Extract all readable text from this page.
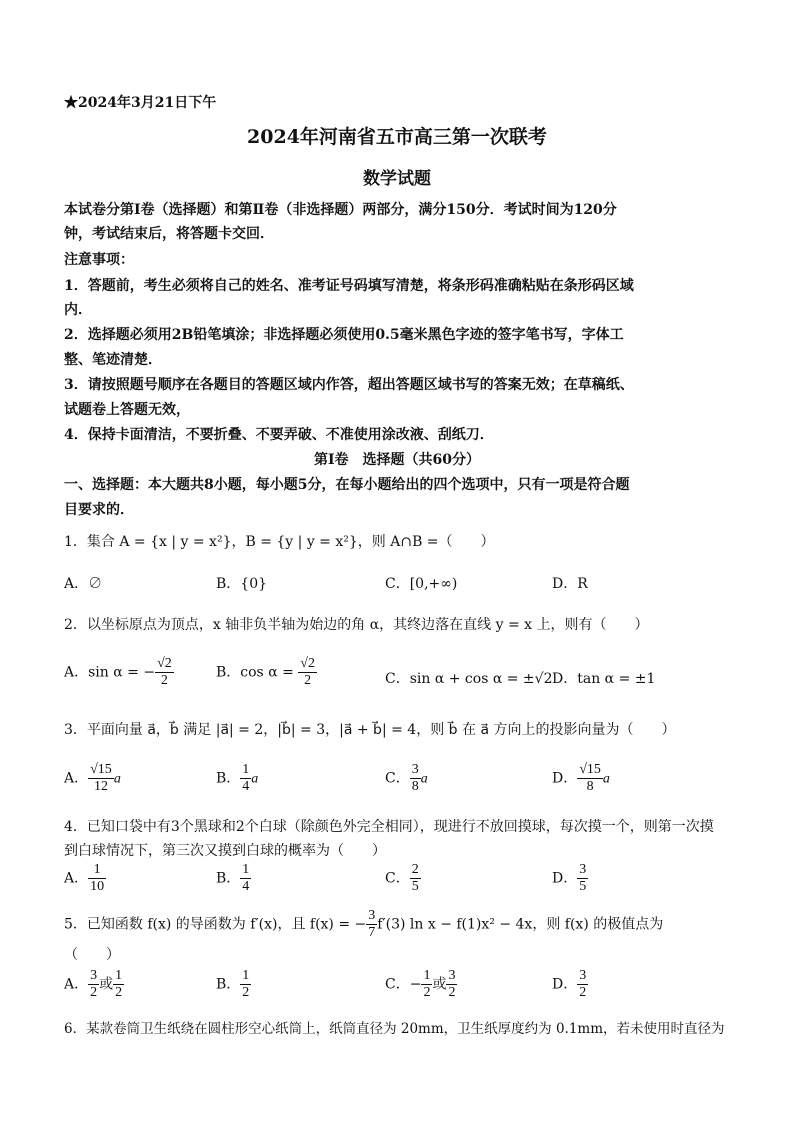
★2024年3月21日下午
2024年河南省五市高三第一次联考
数学试题
本试卷分第Ⅰ卷（选择题）和第Ⅱ卷（非选择题）两部分，满分150分．考试时间为120分
钟，考试结束后，将答题卡交回．
注意事项：
1．答题前，考生必须将自己的姓名、准考证号码填写清楚，将条形码准确粘贴在条形码区域
内．
2．选择题必须用2B铅笔填涂；非选择题必须使用0.5毫米黑色字迹的签字笔书写，字体工
整、笔迹清楚．
3．请按照题号顺序在各题目的答题区域内作答，超出答题区域书写的答案无效；在草稿纸、
试题卷上答题无效，
4．保持卡面清洁，不要折叠、不要弄破、不准使用涂改液、刮纸刀．
第Ⅰ卷　选择题（共60分）
一、选择题：本大题共8小题，每小题5分，在每小题给出的四个选项中，只有一项是符合题
目要求的．
1．集合 A = {x | y = x²}，B = {y | y = x²}，则 A∩B =（　　）
A．∅	B．{0}	C．[0,+∞)	D．R
2．以坐标原点为顶点，x 轴非负半轴为始边的角 α，其终边落在直线 y = x 上，则有（　　）
A．sin α = − $\frac{√2}{2}$	B．$\cos \alpha = \frac{√2}{2}$	C．sin α + cos α = ±√2 D．tan α = ±1
3．平面向量 a⃗，b⃗ 满足 |a⃗| = 2，|b⃗| = 3，|a⃗ + b⃗| = 4，则 b⃗ 在 a⃗ 方向上的投影向量为（　　）
A． $\frac{√15}{12}$ a⃗	B． $\frac{1}{4}$ a⃗	C． $\frac{3}{8}$ a⃗	D． $\frac{√15}{8}$ a⃗
4．已知口袋中有3个黑球和2个白球（除颜色外完全相同），现进行不放回摸球，每次摸一个，则第一次摸
到白球情况下，第三次又摸到白球的概率为（　　）
A． $\frac{1}{10}$	B． $\frac{1}{4}$	C． $\frac{2}{5}$	D． $\frac{3}{5}$
5．已知函数 f(x) 的导函数为 f′(x)，且 f(x) = − $\frac{3}{7} f'(3)$ ln x − f(1)x² − 4x，则 f(x) 的极值点为
（　　）
A． $\frac{3}{2}$ 或 $\frac{1}{2}$	B． $\frac{1}{2}$	C．− $\frac{1}{2}$ 或 $\frac{3}{2}$	D． $\frac{3}{2}$
6．某款卷筒卫生纸绕在圆柱形空心纸筒上，纸筒直径为 20mm，卫生纸厚度约为 0.1mm，若未使用时直径为
